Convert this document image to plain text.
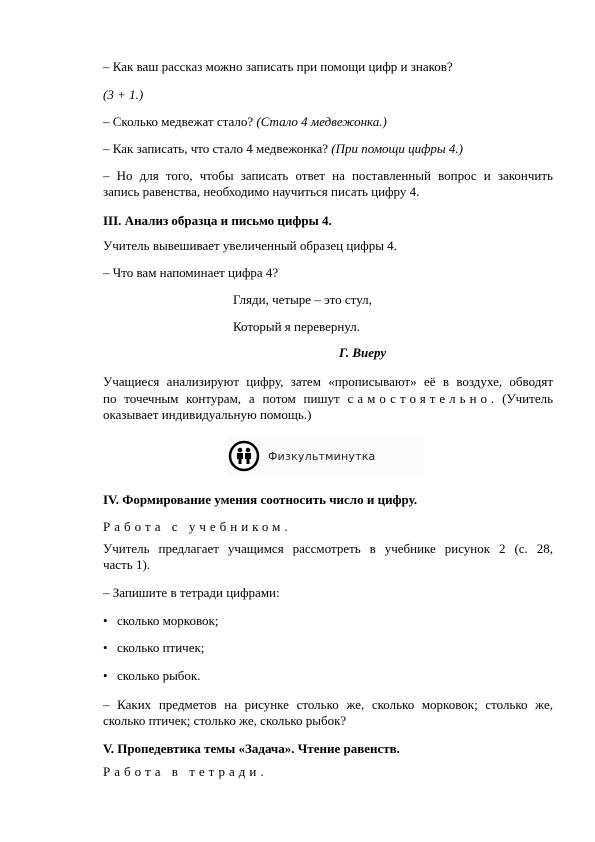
– Как ваш рассказ можно записать при помощи цифр и знаков?
(3 + 1.)
– Сколько медвежат стало? (Стало 4 медвежонка.)
– Как записать, что стало 4 медвежонка? (При помощи цифры 4.)
– Но для того, чтобы записать ответ на поставленный вопрос и закончить
запись равенства, необходимо научиться писать цифру 4.
III. Анализ образца и письмо цифры 4.
Учитель вывешивает увеличенный образец цифры 4.
– Что вам напоминает цифра 4?
Гляди, четыре – это стул,
Который я перевернул.
Г. Виеру
Учащиеся анализируют цифру, затем «прописывают» её в воздухе, обводят
по точечным контурам, а потом пишут самостоятельно. (Учитель
оказывает индивидуальную помощь.)
Физкультминутка
IV. Формирование умения соотносить число и цифру.
Работа с учебником.
Учитель предлагает учащимся рассмотреть в учебнике рисунок 2 (с. 28,
часть 1).
– Запишите в тетради цифрами:
• сколько морковок;
• сколько птичек;
• сколько рыбок.
– Каких предметов на рисунке столько же, сколько морковок; столько же,
сколько птичек; столько же, сколько рыбок?
V. Пропедевтика темы «Задача». Чтение равенств.
Работа в тетради.
